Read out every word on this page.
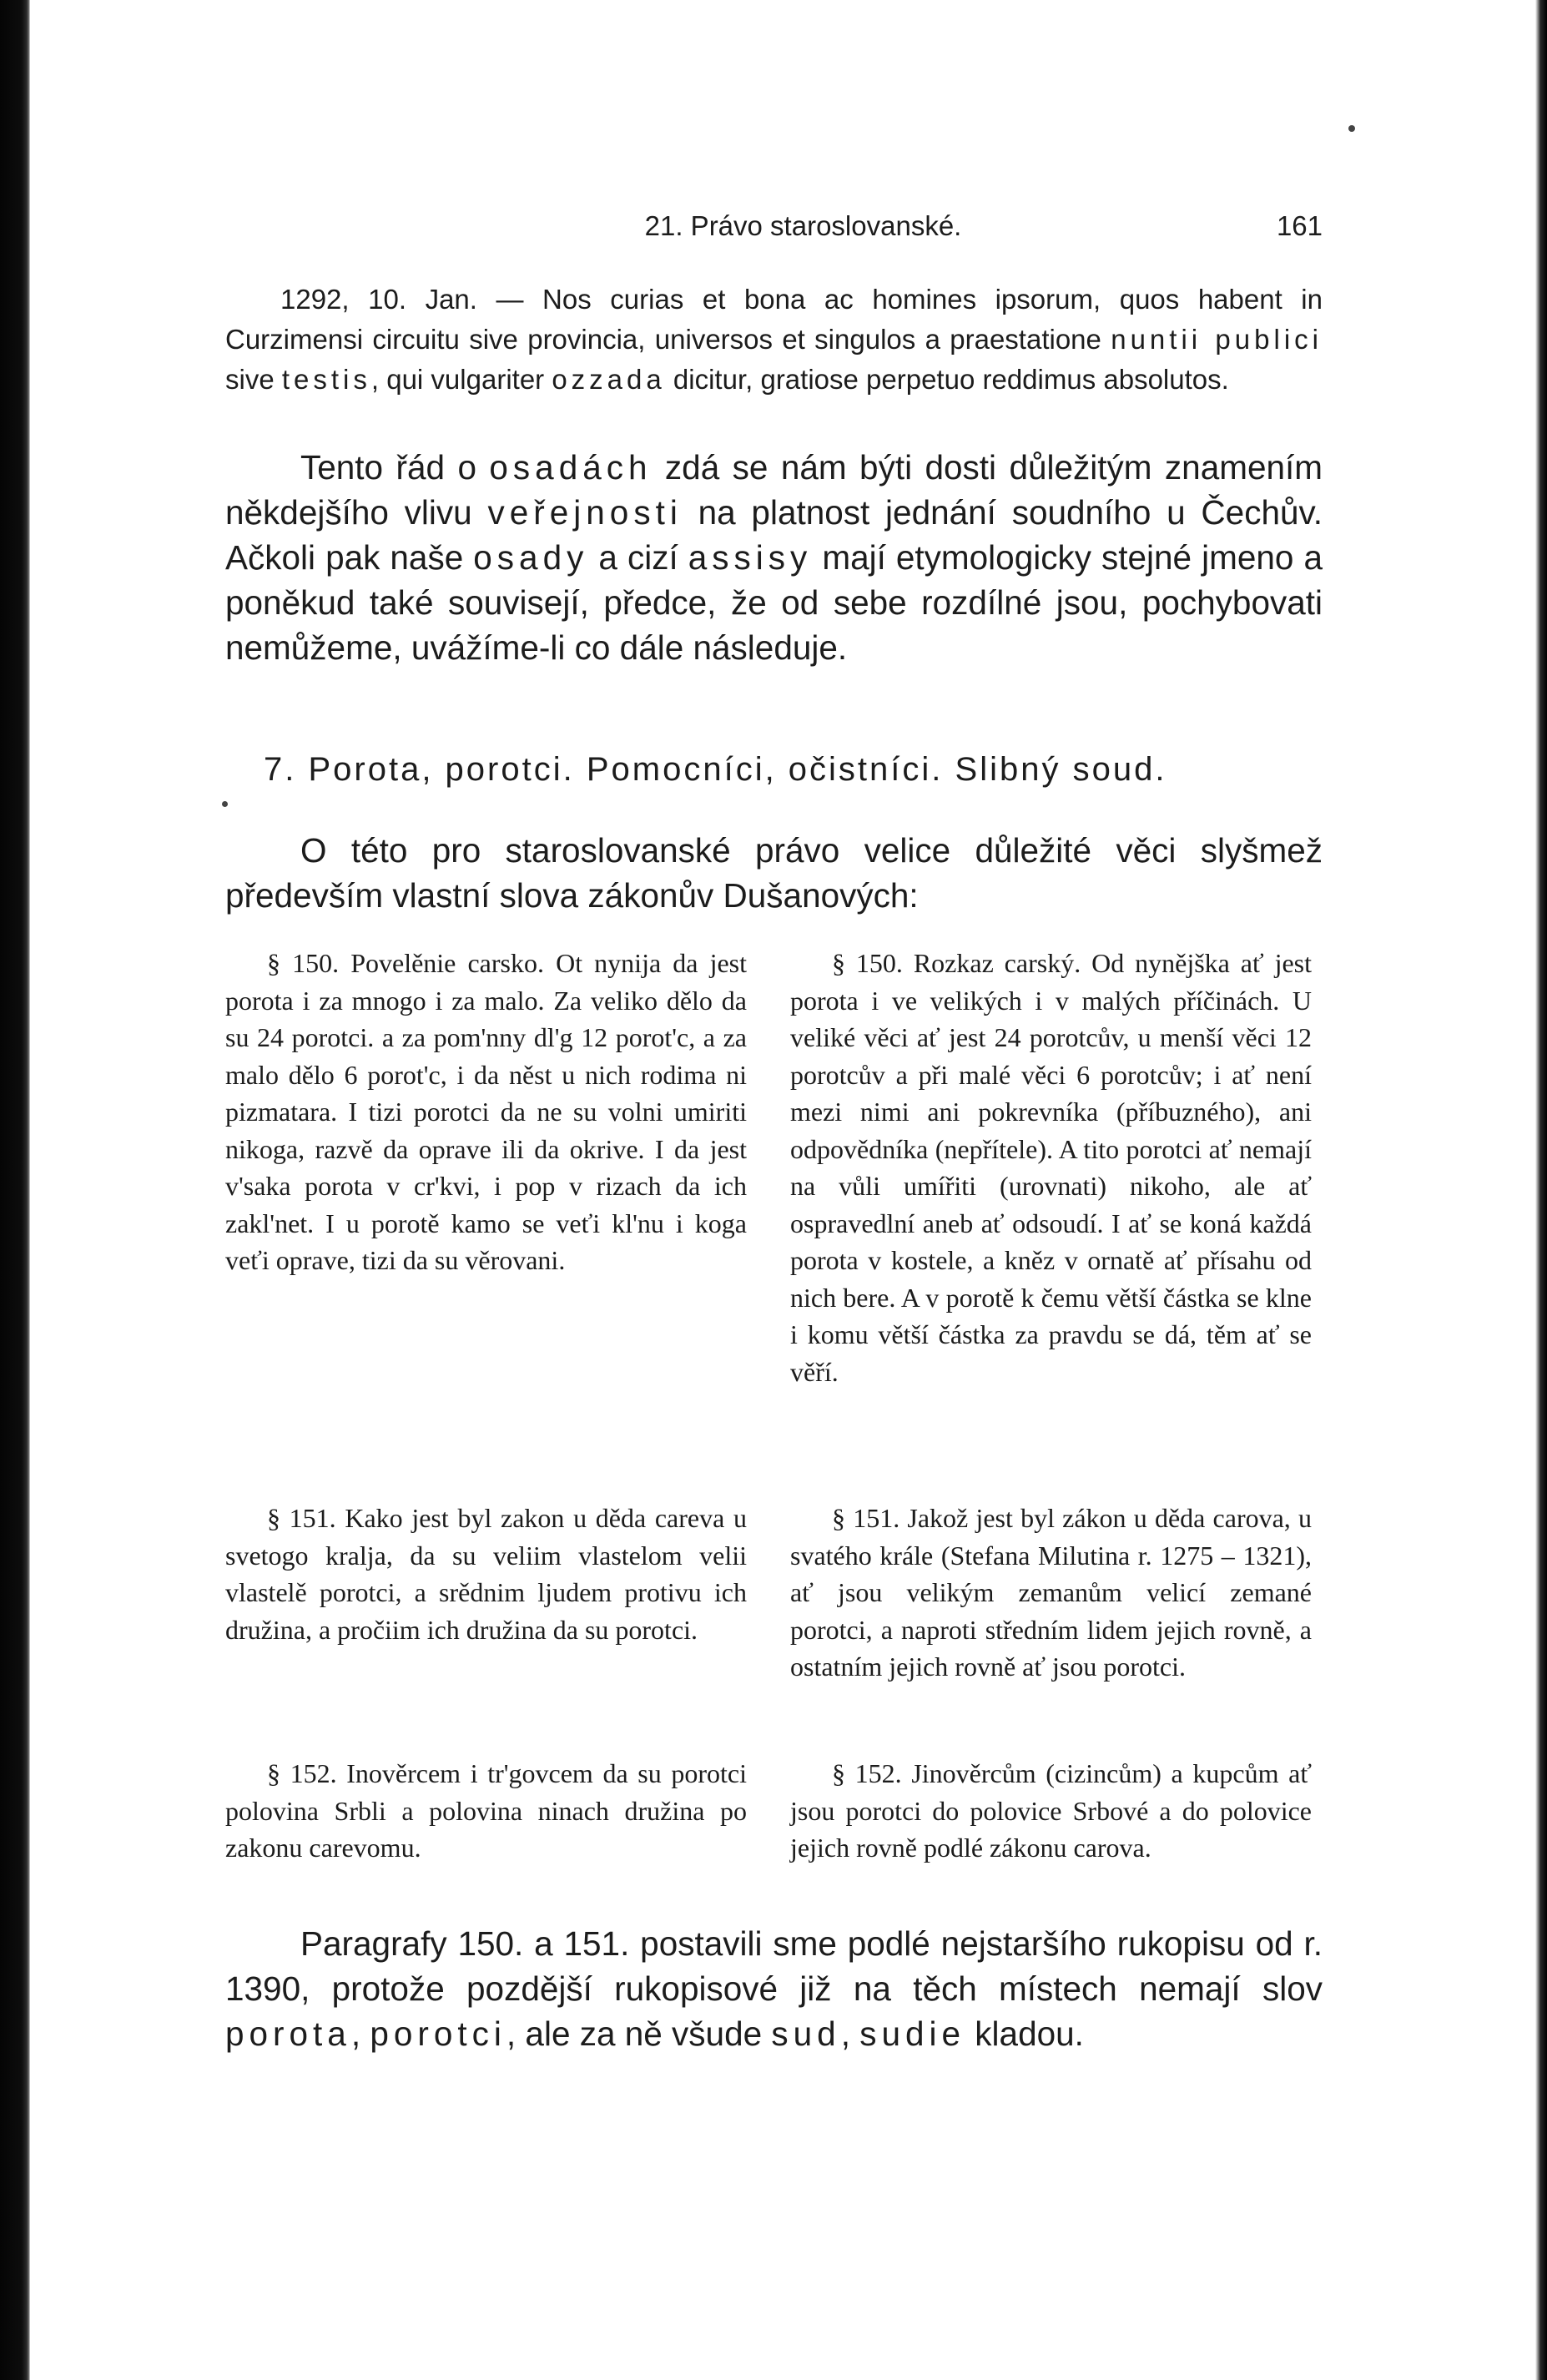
21. Právo staroslovanské.	161
1292, 10. Jan. — Nos curias et bona ac homines ipsorum, quos habent in Curzimensi circuitu sive provincia, universos et singulos a praestatione nuntii publici sive testis, qui vulgariter ozzada dicitur, gratiose perpetuo reddimus absolutos.
Tento řád o osadách zdá se nám býti dosti důležitým znamením někdejšího vlivu veřejnosti na platnost jednání soudního u Čechův. Ačkoli pak naše osady a cizí assisy mají etymologicky stejné jmeno a poněkud také souvisejí, předce, že od sebe rozdílné jsou, pochybovati nemůžeme, uvážíme-li co dále následuje.
7. Porota, porotci. Pomocníci, očistníci. Slibný soud.
O této pro staroslovanské právo velice důležité věci slyšmež především vlastní slova zákonův Dušanových:
§ 150. Povelěnie carsko. Ot nynija da jest porota i za mnogo i za malo. Za veliko dělo da su 24 porotci. a za pom'nny dl'g 12 porot'c, a za malo dělo 6 porot'c, i da něst u nich rodima ni pizmatara. I tizi porotci da ne su volni umiriti nikoga, razvě da oprave ili da okrive. I da jest v'saka porota v cr'kvi, i pop v rizach da ich zakl'net. I u porotě kamo se veťi kl'nu i koga veťi oprave, tizi da su věrovani.
§ 151. Kako jest byl zakon u děda careva u svetogo kralja, da su veliim vlastelom velii vlastelě porotci, a srědnim ljudem protivu ich družina, a pročiim ich družina da su porotci.
§ 152. Inověrcem i tr'govcem da su porotci polovina Srbli a polovina ninach družina po zakonu carevomu.
§ 150. Rozkaz carský. Od nynějška ať jest porota i ve velikých i v malých příčinách. U veliké věci ať jest 24 porotcův, u menší věci 12 porotcův a při malé věci 6 porotcův; i ať není mezi nimi ani pokrevníka (příbuzného), ani odpovědníka (nepřítele). A tito porotci ať nemají na vůli umířiti (urovnati) nikoho, ale ať ospravedlní aneb ať odsoudí. I ať se koná každá porota v kostele, a kněz v ornatě ať přísahu od nich bere. A v porotě k čemu větší částka se klne i komu větší částka za pravdu se dá, těm ať se věří.
§ 151. Jakož jest byl zákon u děda carova, u svatého krále (Stefana Milutina r. 1275 – 1321), ať jsou velikým zemanům velicí zemané porotci, a naproti středním lidem jejich rovně, a ostatním jejich rovně ať jsou porotci.
§ 152. Jinověrcům (cizincům) a kupcům ať jsou porotci do polovice Srbové a do polovice jejich rovně podlé zákonu carova.
Paragrafy 150. a 151. postavili sme podlé nejstaršího rukopisu od r. 1390, protože pozdější rukopisové již na těch místech nemají slov porota, porotci, ale za ně všude sud, sudie kladou.
